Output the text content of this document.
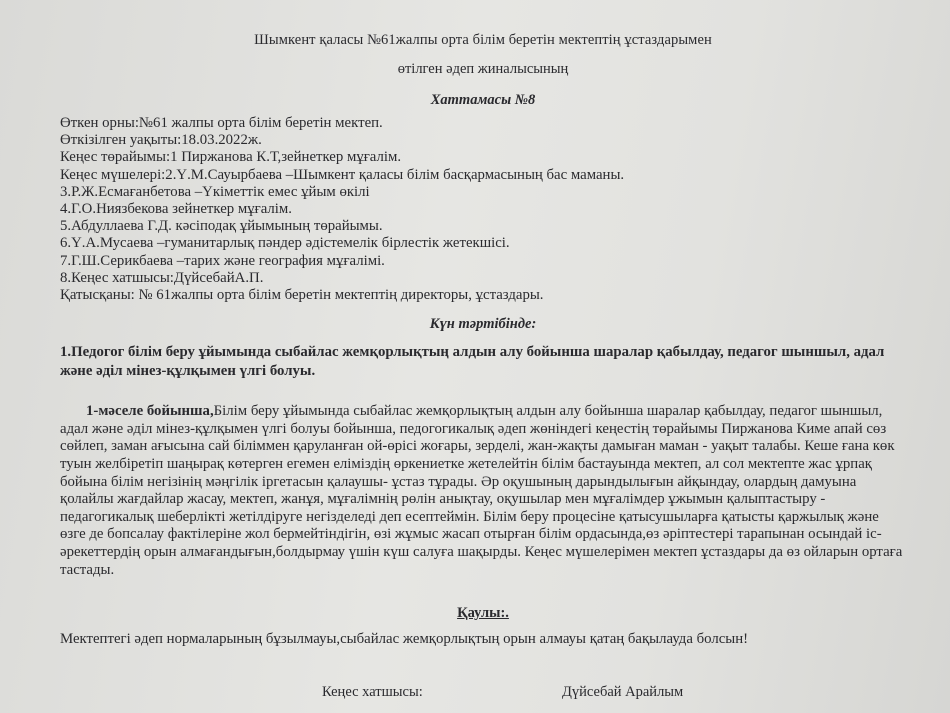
Шымкент қаласы №61жалпы орта білім беретін мектептің ұстаздарымен
өтілген әдеп жиналысының
Хаттамасы №8
Өткен орны:№61 жалпы орта білім беретін мектеп.
Өткізілген уақыты:18.03.2022ж.
Кеңес төрайымы:1 Пиржанова К.Т,зейнеткер мұғалім.
Кеңес мүшелері:2.Ү.М.Сауырбаева –Шымкент қаласы білім басқармасының бас маманы.
3.Р.Ж.Есмағанбетова –Үкіметтік емес ұйым өкілі
4.Г.О.Ниязбекова зейнеткер мұғалім.
5.Абдуллаева Г.Д. кәсіподақ ұйымының төрайымы.
6.Ү.А.Мусаева –гуманитарлық пәндер әдістемелік бірлестік жетекшісі.
7.Г.Ш.Серикбаева –тарих және география мұғалімі.
8.Кеңес хатшысы:ДүйсебайА.П.
Қатысқаны: № 61жалпы орта білім беретін мектептің директоры, ұстаздары.
Күн тәртібінде:
1.Педогог білім беру ұйымында сыбайлас жемқорлықтың алдын алу бойынша шаралар қабылдау, педагог шыншыл, адал және әділ мінез-құлқымен үлгі болуы.
1-мәселе бойынша,Білім беру ұйымында сыбайлас жемқорлықтың алдын алу бойынша шаралар қабылдау, педагог шыншыл, адал және әділ мінез-құлқымен үлгі болуы бойынша, педогогикалық әдеп жөніндегі кеңестің төрайымы Пиржанова Киме апай сөз сөйлеп, заман ағысына сай біліммен қаруланған ой-өрісі жоғары, зерделі, жан-жақты дамыған маман - уақыт талабы. Кеше ғана көк туын желбіретіп шаңырақ көтерген егемен еліміздің өркениетке жетелейтін білім бастауында мектеп, ал сол мектепте жас ұрпақ бойына білім негізінің мәңгілік іргетасын қалаушы- ұстаз тұрады. Әр оқушының дарындылығын айқындау, олардың дамуына қолайлы жағдайлар жасау, мектеп, жанұя, мұғалімнің рөлін анықтау, оқушылар мен мұғалімдер ұжымын қалыптастыру - педагогикалық шеберлікті жетілдіруге негізделеді деп есептеймін. Білім беру процесіне қатысушыларға қатысты қаржылық және өзге де бопсалау фактілеріне жол бермейтіндігін, өзі жұмыс жасап отырған білім ордасында,өз әріптестері тарапынан осындай іс-әрекеттердің орын алмағандығын,болдырмау үшін күш салуға шақырды. Кеңес мүшелерімен мектеп ұстаздары да өз ойларын ортаға тастады.
Қаулы:.
Мектептегі әдеп нормаларының бұзылмауы,сыбайлас жемқорлықтың орын алмауы қатаң бақылауда болсын!
Кеңес хатшысы:	Дүйсебай Арайлым
